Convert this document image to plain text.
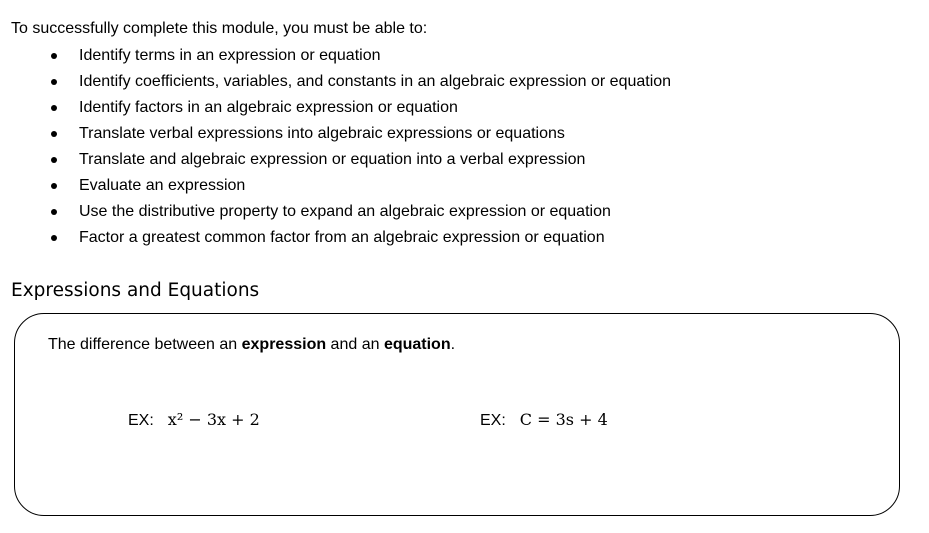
To successfully complete this module, you must be able to:

Identify terms in an expression or equation
Identify coefficients, variables, and constants in an algebraic expression or equation
Identify factors in an algebraic expression or equation
Translate verbal expressions into algebraic expressions or equations
Translate and algebraic expression or equation into a verbal expression
Evaluate an expression
Use the distributive property to expand an algebraic expression or equation
Factor a greatest common factor from an algebraic expression or equation
Expressions and Equations

The difference between an expression and an equation.

EX: x² − 3x + 2	EX: C = 3s + 4
